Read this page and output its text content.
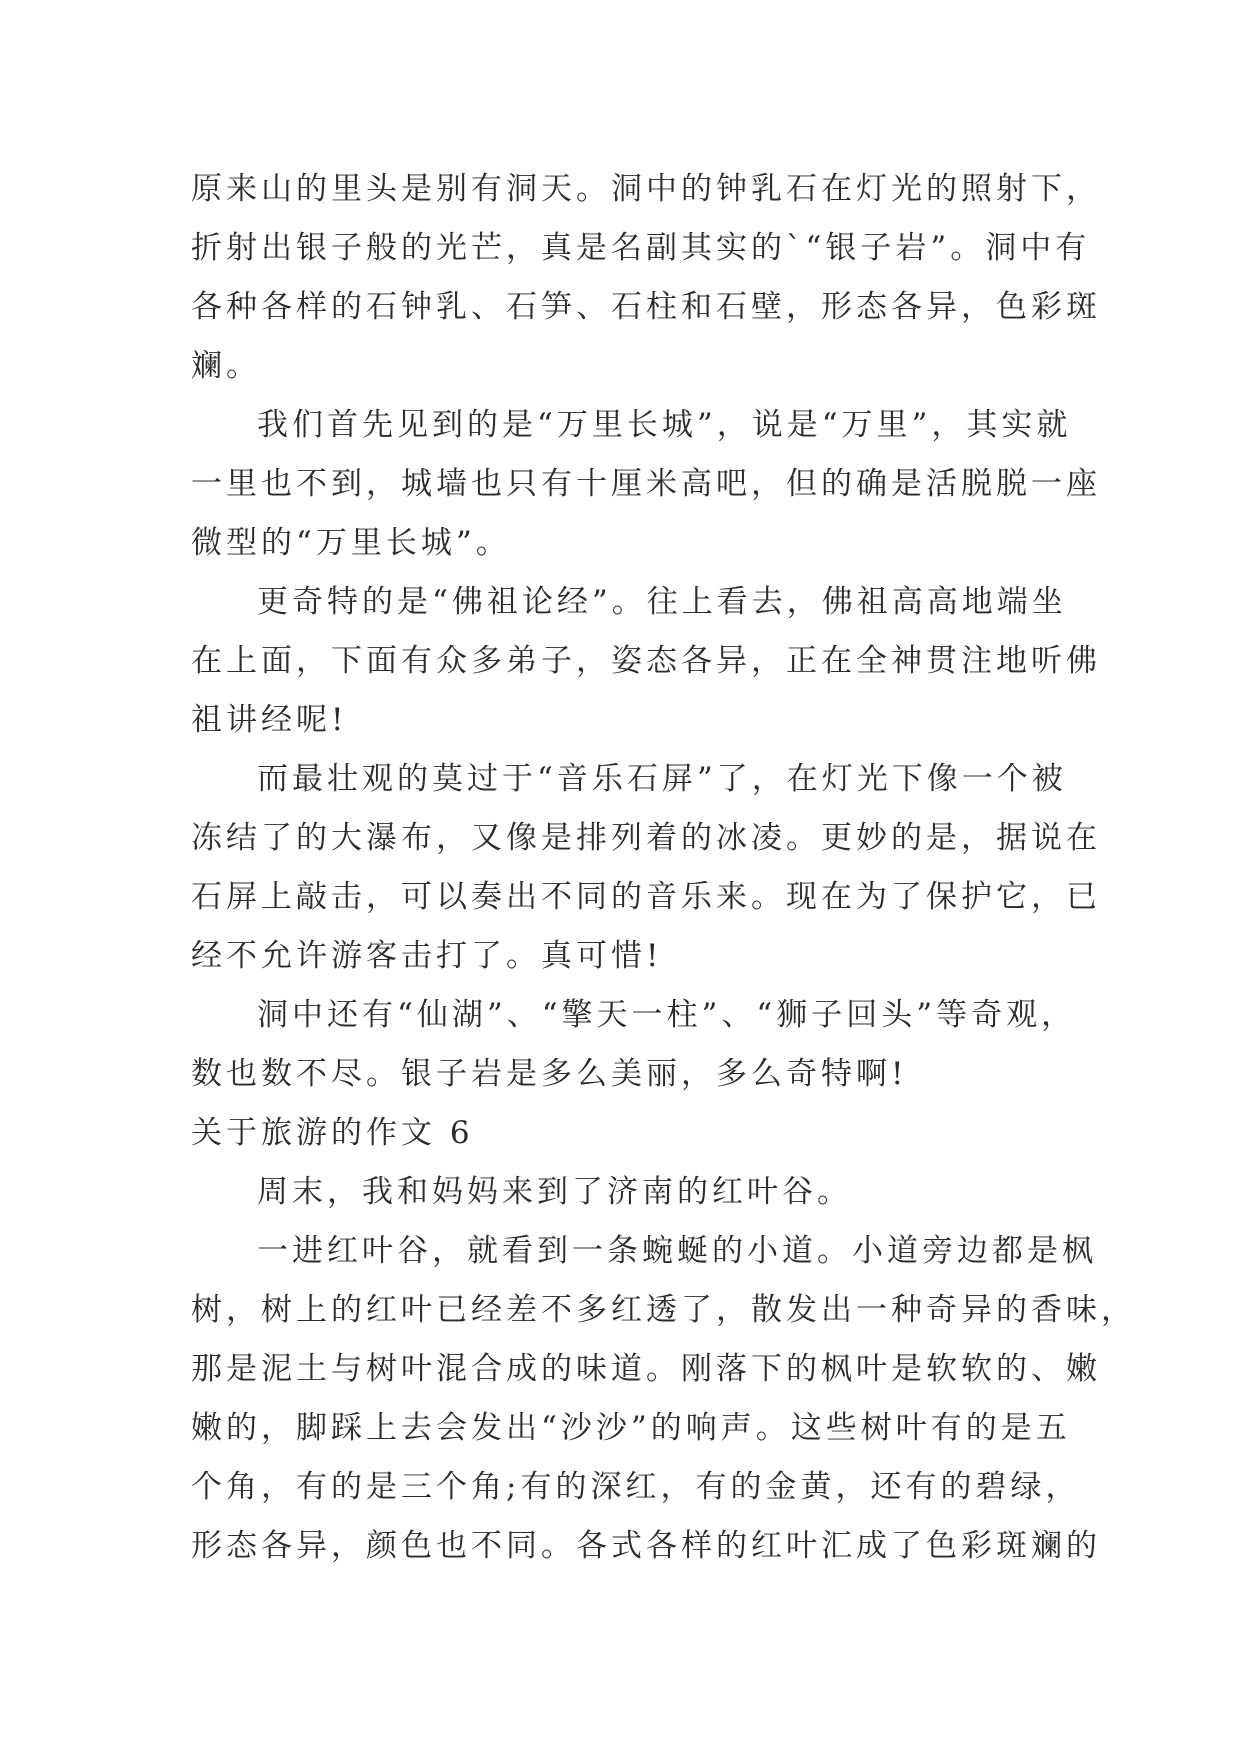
原来山的里头是别有洞天。洞中的钟乳石在灯光的照射下，
折射出银子般的光芒，真是名副其实的`“银子岩”。洞中有
各种各样的石钟乳、石笋、石柱和石壁，形态各异，色彩斑
斓。
我们首先见到的是“万里长城”，说是“万里”，其实就
一里也不到，城墙也只有十厘米高吧，但的确是活脱脱一座
微型的“万里长城”。
更奇特的是“佛祖论经”。往上看去，佛祖高高地端坐
在上面，下面有众多弟子，姿态各异，正在全神贯注地听佛
祖讲经呢!
而最壮观的莫过于“音乐石屏”了，在灯光下像一个被
冻结了的大瀑布，又像是排列着的冰凌。更妙的是，据说在
石屏上敲击，可以奏出不同的音乐来。现在为了保护它，已
经不允许游客击打了。真可惜!
洞中还有“仙湖”、“擎天一柱”、“狮子回头”等奇观，
数也数不尽。银子岩是多么美丽，多么奇特啊!
关于旅游的作文 6
周末，我和妈妈来到了济南的红叶谷。
一进红叶谷，就看到一条蜿蜒的小道。小道旁边都是枫
树，树上的红叶已经差不多红透了，散发出一种奇异的香味，
那是泥土与树叶混合成的味道。刚落下的枫叶是软软的、嫩
嫩的，脚踩上去会发出“沙沙”的响声。这些树叶有的是五
个角，有的是三个角;有的深红，有的金黄，还有的碧绿，
形态各异，颜色也不同。各式各样的红叶汇成了色彩斑斓的
